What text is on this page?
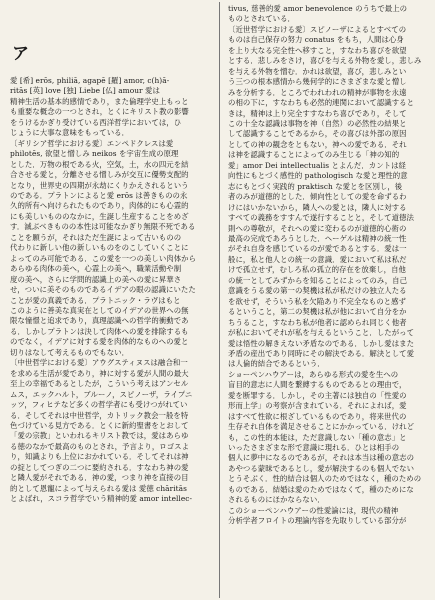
ア
愛 [希] erōs, philiā, agapē [羅] amor, c(h)ā-
ritās [英] love [独] Liebe [仏] amour 愛は
精神生活の基本的感情であり，また倫理学史上もっと
も重要な概念の一つとされ，とくにキリスト教の影響
をうけるかぎり受けている西洋哲学においては，ひ
じょうに大事な意味をもっている．
〔ギリシア哲学における愛〕エンペドクレスは愛
philotēs, 欲望と憎しみ neikos を宇宙生成の原理
とした．万物の根である火，空気，土，水の四元を結
合させる愛と，分離させる憎しみが交互に優勢支配的
となり，世界史の四期が永劫にくりかえされるという
のである．プラトンによると愛 erōs は善きものの永
久的所有へ向けられたものであり，肉体的にも心霊的
にも美しいもののなかに，生誕し生産することをめざ
す．滅ぶべきものの本性は可能なかぎり無限不死である
ことを願うが，それはただ生誕によって古いものの
代わりに新しい他の新しいものをのこしていくことに
よってのみ可能である．この愛を一つの美しい肉体から
あらゆる肉体の美へ，心霊上の美へ，職業活動や制
度の美へ，さらに学問的認識上の美への愛に昇華さ
せ，ついに美そのものであるイデアの眼の認識にいたた
ことが愛の真義である．プラトニック・ラヴはもと
このように善美な真実在としてのイデアの世界への無
限な憧憬と追求であり，真理認識への哲学的衝動であ
る．しかしプラトンは決して肉体への愛を排除するも
のでなく，イデアに対する愛を肉体的なものへの愛と
切りはなして考えるものでもない．
〔中世哲学における愛〕アウグスティヌスは融合和一
を求める生活が愛であり，神に対する愛が人間の最大
至上の幸福であるとしたが，こういう考えはアンセル
ムス，エックハルト，ブルーノ，スピノーザ，ライプニ
ッツ，フィヒテなど多くの哲学者にも受けつがれてい
る．そしてそれは中世哲学，カトリック教会一般を特
色づけている見方である．とくに新約聖書をとおして
「愛の宗教」といわれるキリスト教では，愛はあらゆ
る徳のなかで最高のものとされ，予言より，ロゴスよ
り，知識よりも上位におかれている．そしてそれは神
の掟としてつぎの二つに要約される．すなわち神の愛
と隣人愛がそれである．神の愛，つまり神を直接の目
的として恩寵によって与えられる愛は 愛徳 chāritās
とよばれ，スコラ哲学でいう精神的愛 amor intellec-
tivus, 慈善的愛 amor benevolence のうちで最上の
ものとされている．
〔近世哲学における愛〕スピノーザによるとすべての
ものは自己保存の努力 conatus をもち，人間は心身
を上り大なる完全性へ移すこと，すなわち喜びを欲望
とする．悲しみをさけ，喜びを与える外物を愛し，悲しみ
を与える外物を憎む．かれは欲望，喜び，悲しみとい
う三つの根本感情から幾何学的にさまざまな愛と憎し
みを分析する．ところでわれわれの精神が事物を永遠
の相の下に，すなわちも必然的連関において認識すると
きは，精神は上り完全すすなわち喜びであり，そして
この十全な認識は事物を神（自然）の必然性の結果と
して認識することであるから，その喜びは外部の原因
としての神の観念をともない，神への愛である．それ
は神を認識することによってのみ生じる「神の知的
愛」amor Dei intellectualis とよんだ．カントは経
向性にもとづく感性的 pathologisch な愛と理性的意
志にもとづく実践的 praktisch な愛とを区別し，後
者のみが道徳的とした．傾向性としての愛を命ずるわ
けにはいかないから，隣人への愛とは，隣人に対する
すべての義務をすすんで遂行することと，そして道徳法
則への尊敬が，それへの愛に変わるのが道徳的心術の
最高の完成であろうとした．ヘーゲルは精神の統一性
がそれ自身を感じているのが愛であるとする．愛は一
般に，私と他人との統一の意識．愛において私は私だ
けで孤立せず，むしろ私の孤立的存在を放棄し，自他
の統一としてみずからを知ることによってのみ，自己
意識をうる愛の第一の契機は私が私だけの独立人たる
を欲せず，そういう私を欠陥あり不完全なものと感ず
るということ，第二の契機は私が他において自分をか
ちうること，すなわち私が他者に認められ同じく他者
が私においてそれが私を与えるということ．したがって
愛は悟性の解きえない矛盾なのである．しかし愛はまた
矛盾の産出であり同時にその解決である．解決として愛
は人倫的結合であるという．
ショーペンハウアーは，あらゆる形式の愛を生への
盲目的意志に人間を繋縛するものであるとの理由で，
愛を断罪する．しかし，その主著には独自の「性愛の
形而上学」の考察が含まれている．それによれば，愛
はすべて性欲に根ざしているものであり，将来世代の
生存それ自体を満足させることにかかっている．けれど
も，この性的本能は，ただ意識しない「種の意志」と
いったさまざまな形で意識に現れる．ひとは相手の
個人に夢中になるのであるが，それは本当は種の意志の
あやつる蒙昧であるとし，愛が解決するのも個人でない
とうそぶく．性的結合は個人のためではなく，種のための
ものである．結婚は愛のためではなくて，種のためにな
されるものにほかならない．
このショーペンハウアーの性愛論には，現代の精神
分析学者フロイトの理論内容を先取りしている部分が
